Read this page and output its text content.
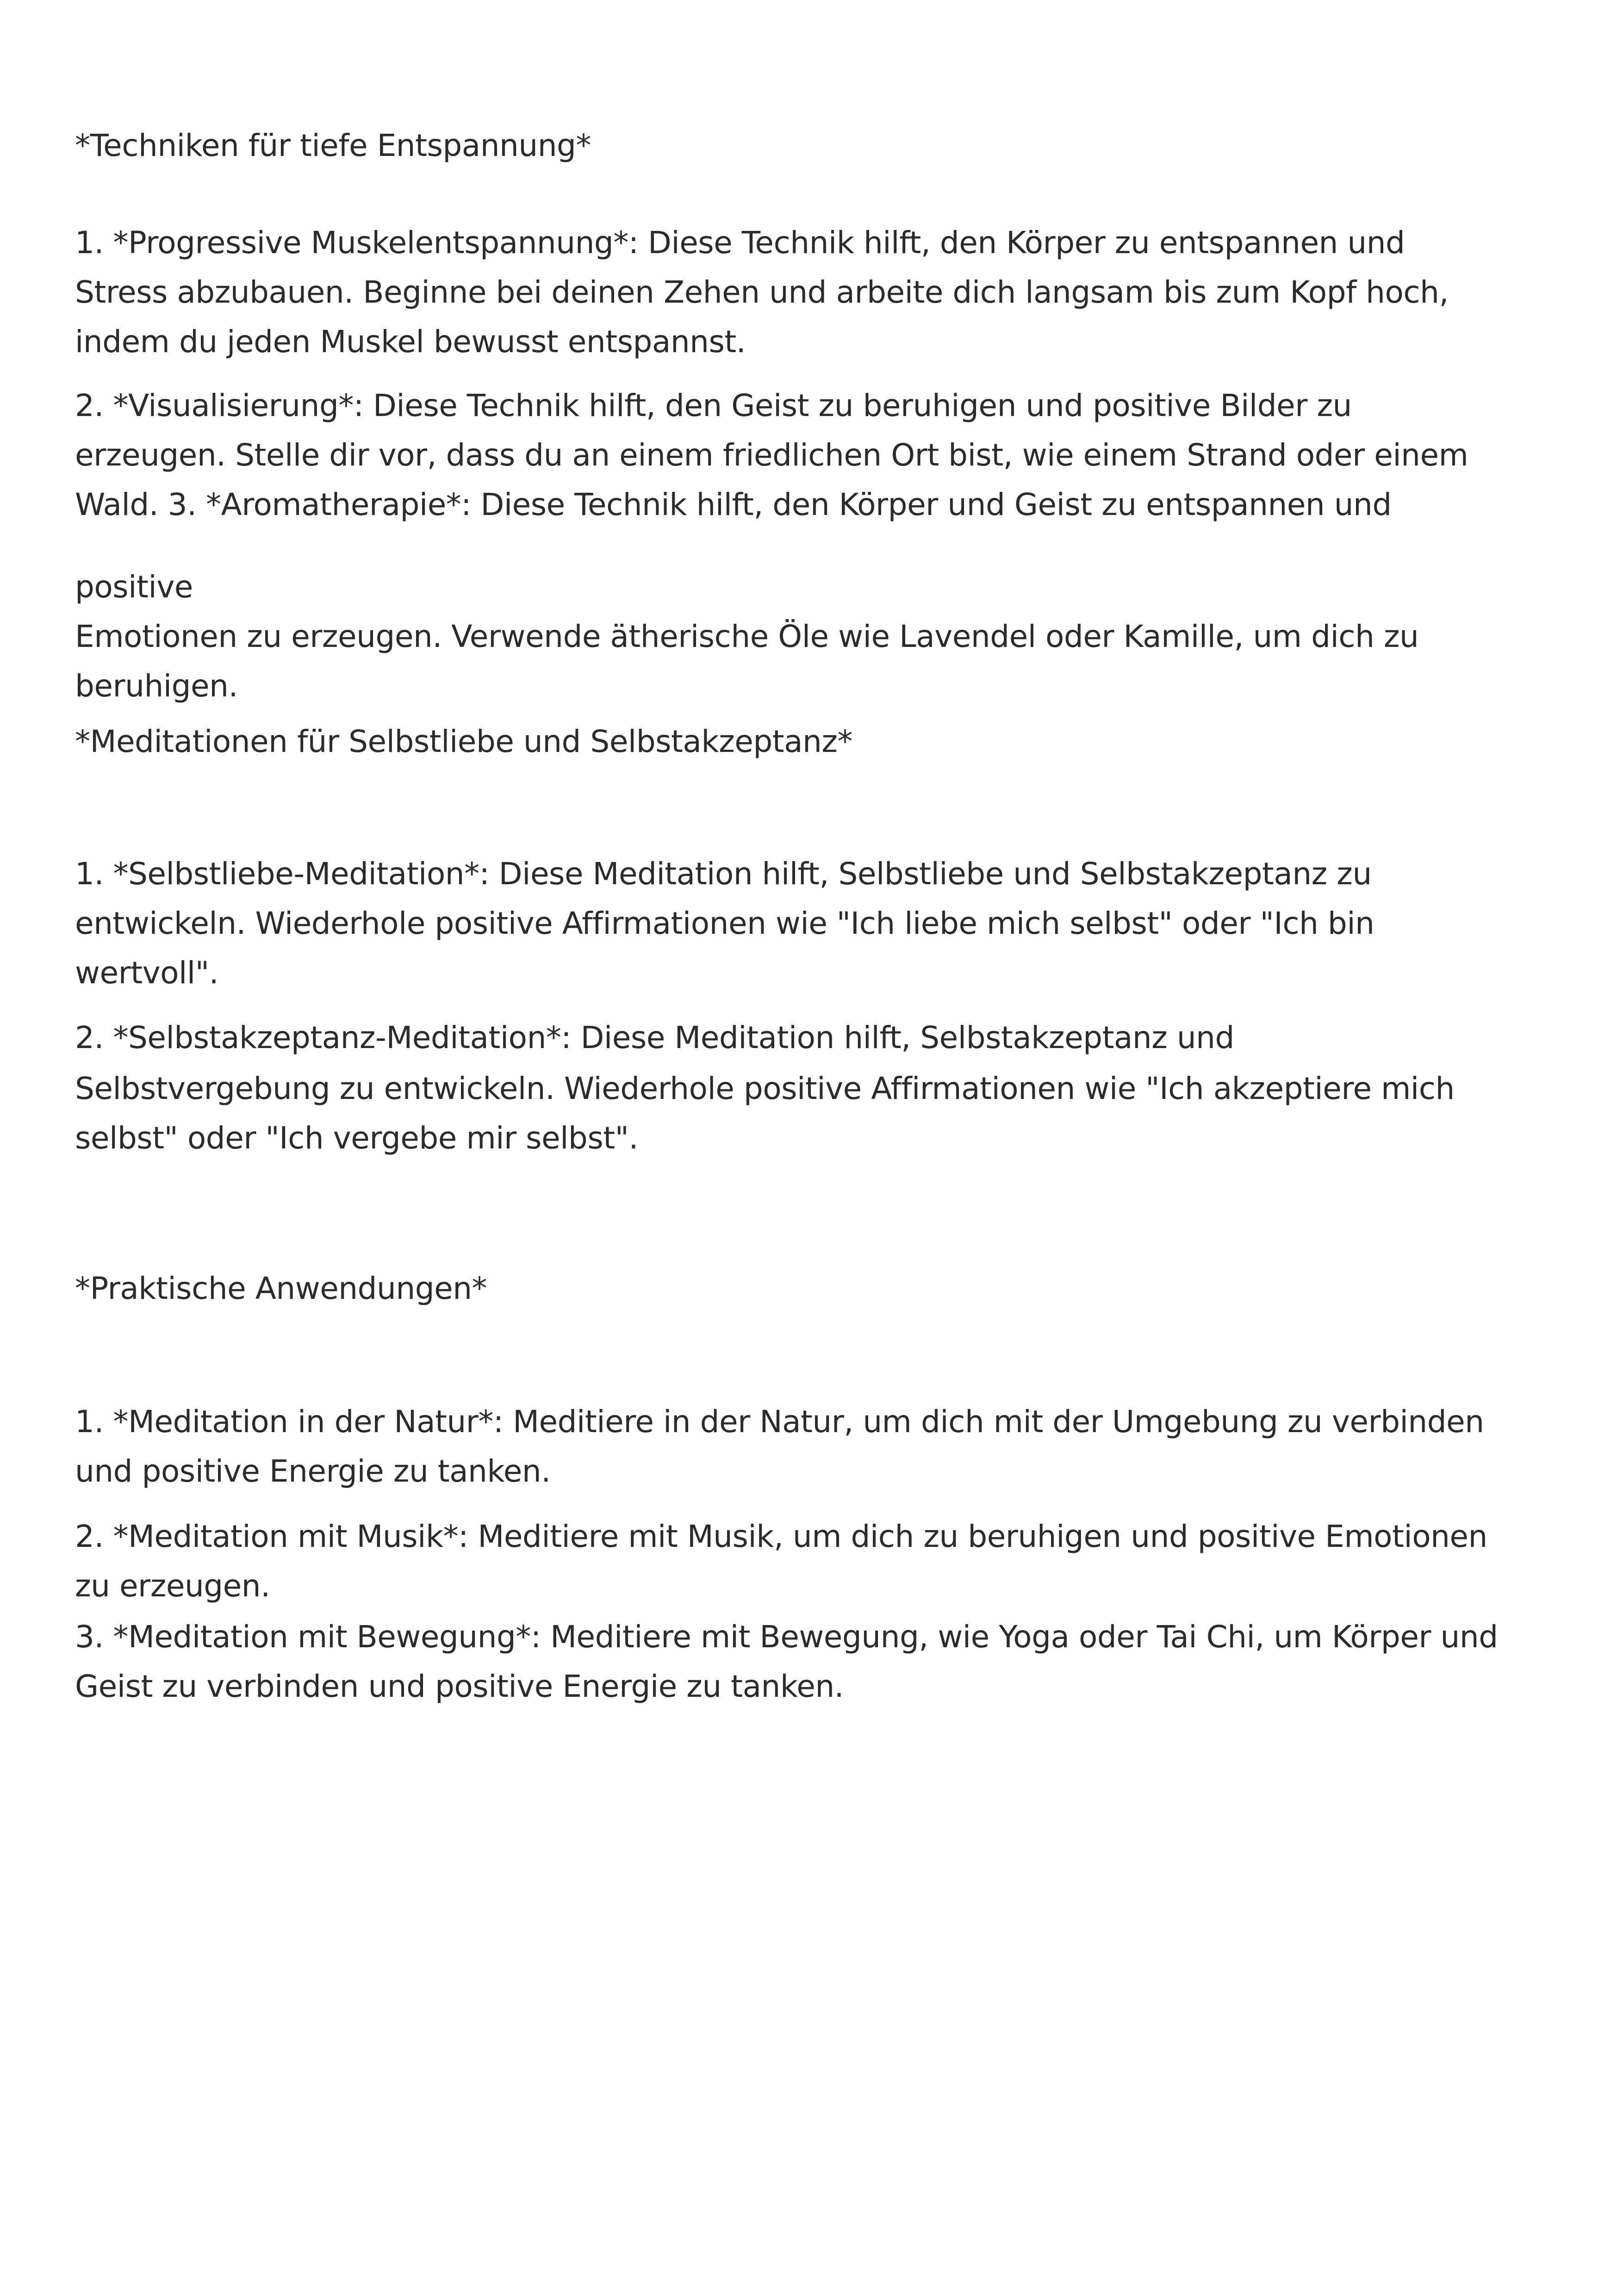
*Techniken für tiefe Entspannung*

1. *Progressive Muskelentspannung*: Diese Technik hilft, den Körper zu entspannen und

Stress abzubauen. Beginne bei deinen Zehen und arbeite dich langsam bis zum Kopf hoch,

indem du jeden Muskel bewusst entspannst.

2. *Visualisierung*: Diese Technik hilft, den Geist zu beruhigen und positive Bilder zu

erzeugen. Stelle dir vor, dass du an einem friedlichen Ort bist, wie einem Strand oder einem

Wald. 3. *Aromatherapie*: Diese Technik hilft, den Körper und Geist zu entspannen und

positive

Emotionen zu erzeugen. Verwende ätherische Öle wie Lavendel oder Kamille, um dich zu

beruhigen.

*Meditationen für Selbstliebe und Selbstakzeptanz*

1. *Selbstliebe-Meditation*: Diese Meditation hilft, Selbstliebe und Selbstakzeptanz zu

entwickeln. Wiederhole positive Affirmationen wie "Ich liebe mich selbst" oder "Ich bin

wertvoll".

2. *Selbstakzeptanz-Meditation*: Diese Meditation hilft, Selbstakzeptanz und

Selbstvergebung zu entwickeln. Wiederhole positive Affirmationen wie "Ich akzeptiere mich

selbst" oder "Ich vergebe mir selbst".

*Praktische Anwendungen*

1. *Meditation in der Natur*: Meditiere in der Natur, um dich mit der Umgebung zu verbinden

und positive Energie zu tanken.

2. *Meditation mit Musik*: Meditiere mit Musik, um dich zu beruhigen und positive Emotionen

zu erzeugen.

3. *Meditation mit Bewegung*: Meditiere mit Bewegung, wie Yoga oder Tai Chi, um Körper und

Geist zu verbinden und positive Energie zu tanken.
